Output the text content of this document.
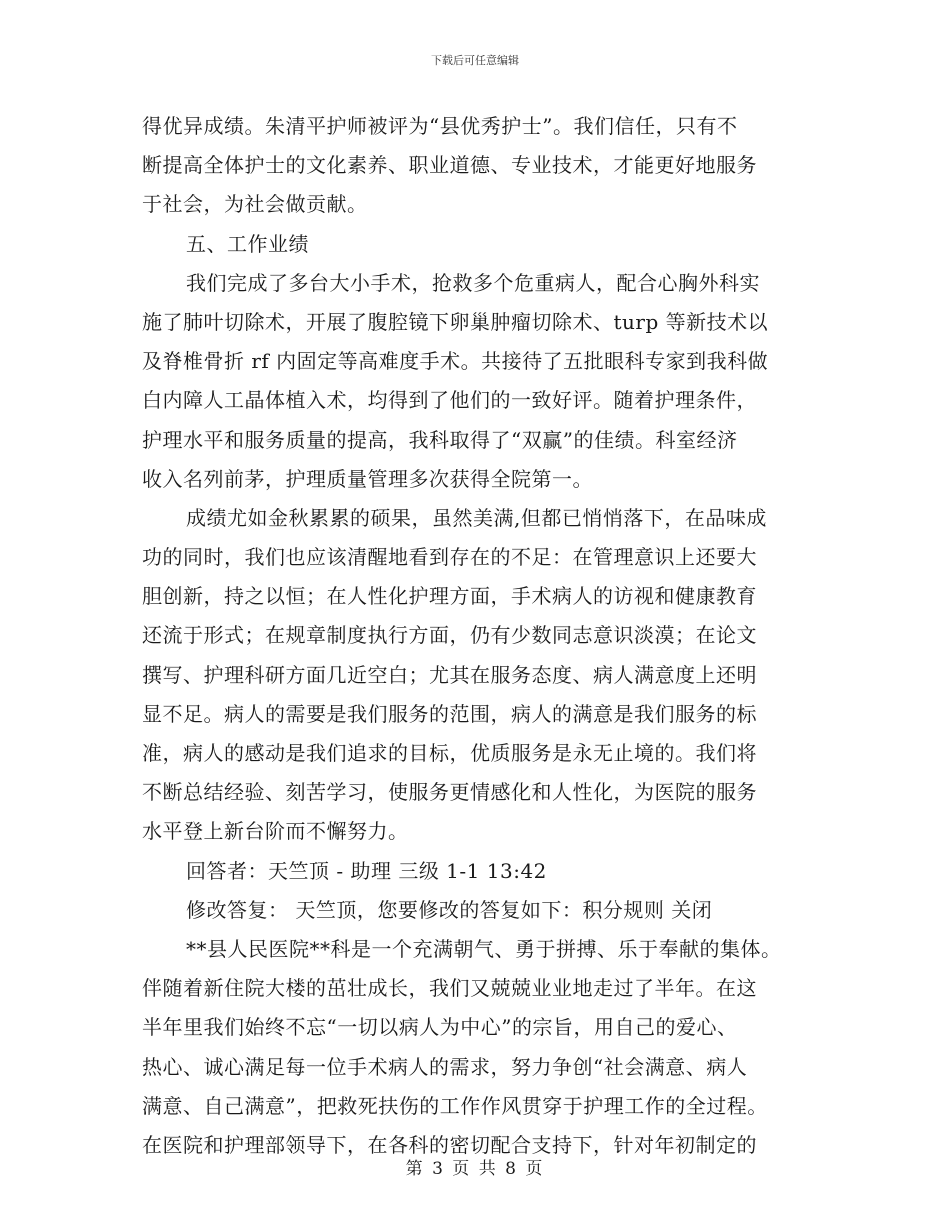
下载后可任意编辑
得优异成绩。朱清平护师被评为“县优秀护士”。我们信任，只有不
断提高全体护士的文化素养、职业道德、专业技术，才能更好地服务
于社会，为社会做贡献。
五、工作业绩
我们完成了多台大小手术，抢救多个危重病人，配合心胸外科实
施了肺叶切除术，开展了腹腔镜下卵巢肿瘤切除术、turp 等新技术以
及脊椎骨折 rf 内固定等高难度手术。共接待了五批眼科专家到我科做
白内障人工晶体植入术，均得到了他们的一致好评。随着护理条件，
护理水平和服务质量的提高，我科取得了“双赢”的佳绩。科室经济
收入名列前茅，护理质量管理多次获得全院第一。
成绩尤如金秋累累的硕果，虽然美满,但都已悄悄落下，在品味成
功的同时，我们也应该清醒地看到存在的不足：在管理意识上还要大
胆创新，持之以恒；在人性化护理方面，手术病人的访视和健康教育
还流于形式；在规章制度执行方面，仍有少数同志意识淡漠；在论文
撰写、护理科研方面几近空白；尤其在服务态度、病人满意度上还明
显不足。病人的需要是我们服务的范围，病人的满意是我们服务的标
准，病人的感动是我们追求的目标，优质服务是永无止境的。我们将
不断总结经验、刻苦学习，使服务更情感化和人性化，为医院的服务
水平登上新台阶而不懈努力。
回答者：天竺顶 - 助理 三级 1-1 13:42
修改答复： 天竺顶，您要修改的答复如下：积分规则 关闭
**县人民医院**科是一个充满朝气、勇于拼搏、乐于奉献的集体。
伴随着新住院大楼的茁壮成长，我们又兢兢业业地走过了半年。在这
半年里我们始终不忘“一切以病人为中心”的宗旨，用自己的爱心、
热心、诚心满足每一位手术病人的需求，努力争创“社会满意、病人
满意、自己满意”，把救死扶伤的工作作风贯穿于护理工作的全过程。
在医院和护理部领导下，在各科的密切配合支持下，针对年初制定的
第 3 页 共 8 页
